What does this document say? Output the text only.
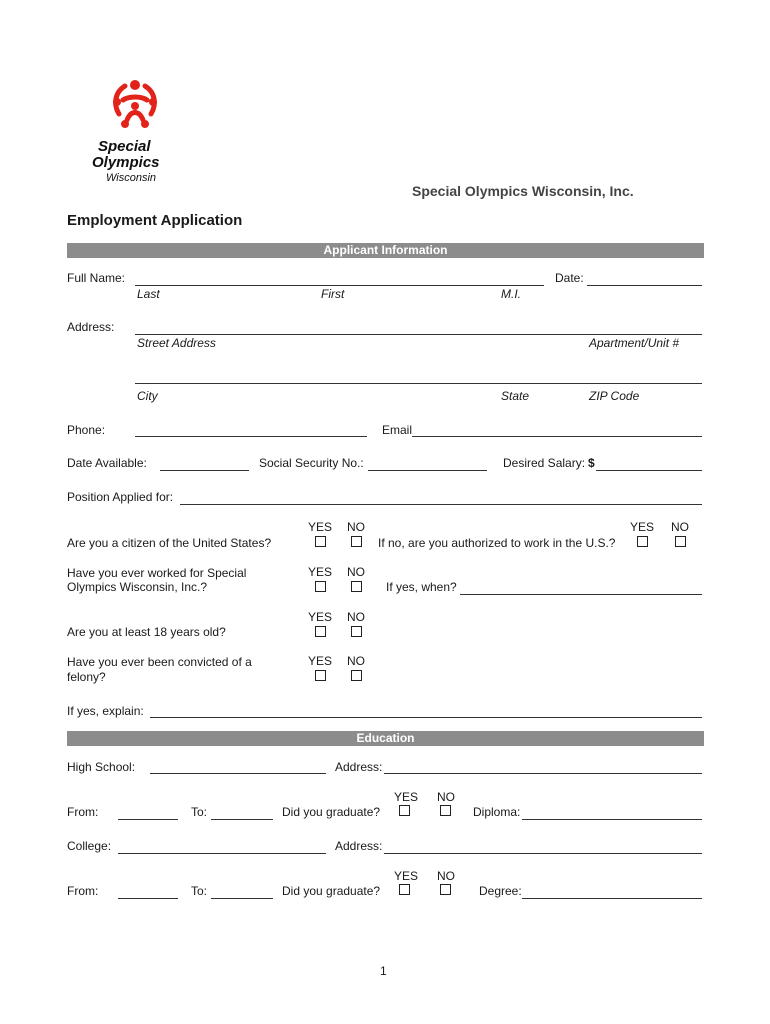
Special
Olympics
Wisconsin
Special Olympics Wisconsin, Inc.
Employment Application
Applicant Information
Full Name:
Last	First	M.I.
Date:
Address:
Street Address	Apartment/Unit #
City	State	ZIP Code
Phone:	Email
Date Available:	Social Security No.:	Desired Salary: $
Position Applied for:
Are you a citizen of the United States?
YES NO
If no, are you authorized to work in the U.S.?
YES NO
Have you ever worked for Special
Olympics Wisconsin, Inc.?
YES NO
If yes, when?
Are you at least 18 years old?
YES NO
Have you ever been convicted of a
felony?
YES NO
If yes, explain:
Education
High School:	Address:
From:	To:	Did you graduate?
YES NO
Diploma:
College:	Address:
From:	To:	Did you graduate?
YES NO
Degree:
1
